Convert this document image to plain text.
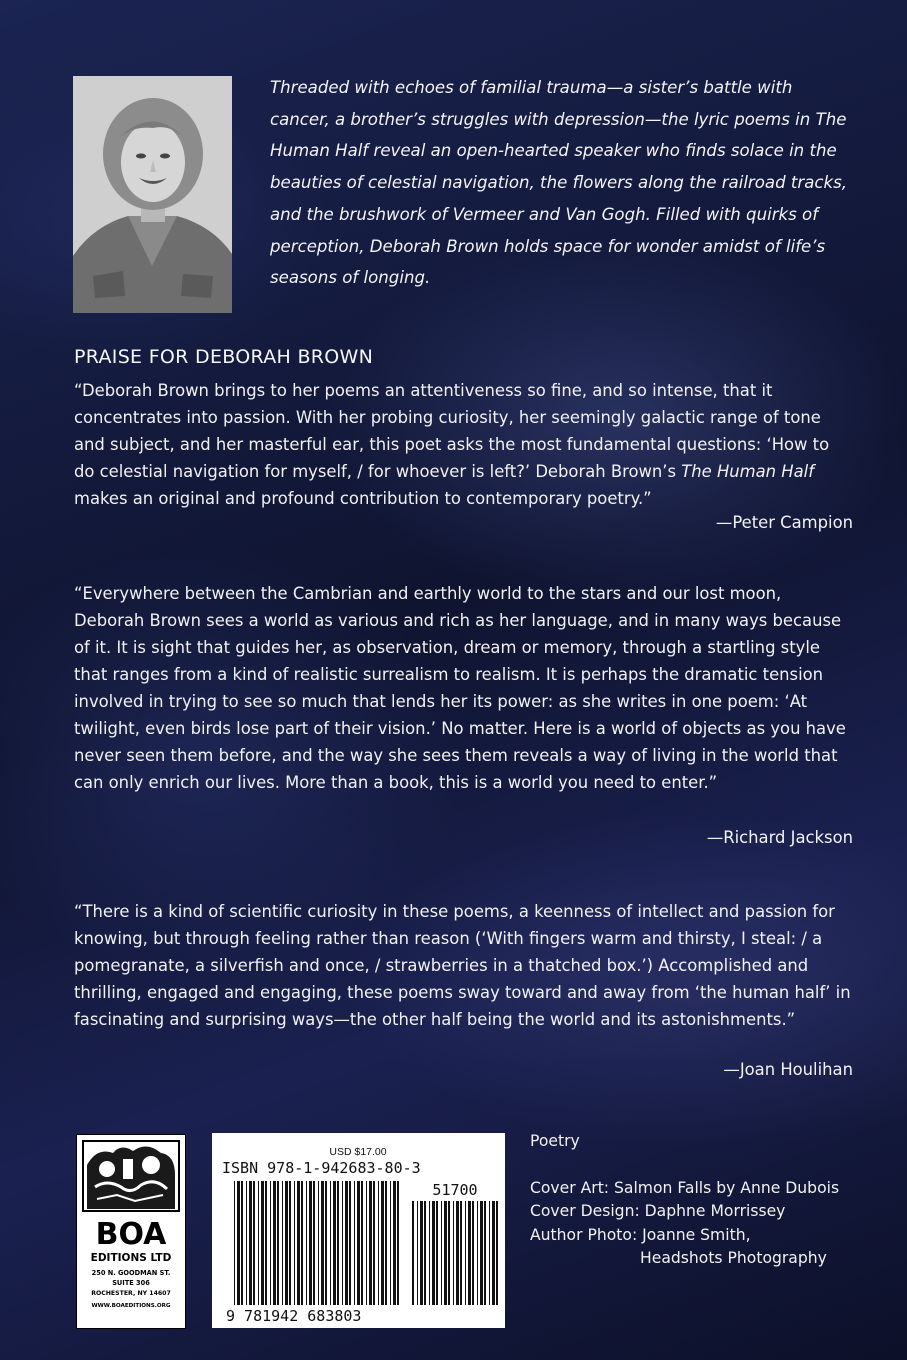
Threaded with echoes of familial trauma—a sister’s battle with cancer, a brother’s struggles with depression—the lyric poems in The Human Half reveal an open-hearted speaker who finds solace in the beauties of celestial navigation, the flowers along the railroad tracks, and the brushwork of Vermeer and Van Gogh. Filled with quirks of perception, Deborah Brown holds space for wonder amidst of life’s seasons of longing.

PRAISE FOR DEBORAH BROWN

“Deborah Brown brings to her poems an attentiveness so fine, and so intense, that it concentrates into passion. With her probing curiosity, her seemingly galactic range of tone and subject, and her masterful ear, this poet asks the most fundamental questions: ‘How to do celestial navigation for myself, / for whoever is left?’ Deborah Brown’s The Human Half makes an original and profound contribution to contemporary poetry.”

—Peter Campion

“Everywhere between the Cambrian and earthly world to the stars and our lost moon, Deborah Brown sees a world as various and rich as her language, and in many ways because of it. It is sight that guides her, as observation, dream or memory, through a startling style that ranges from a kind of realistic surrealism to realism. It is perhaps the dramatic tension involved in trying to see so much that lends her its power: as she writes in one poem: ‘At twilight, even birds lose part of their vision.’ No matter. Here is a world of objects as you have never seen them before, and the way she sees them reveals a way of living in the world that can only enrich our lives. More than a book, this is a world you need to enter.”

—Richard Jackson

“There is a kind of scientific curiosity in these poems, a keenness of intellect and passion for knowing, but through feeling rather than reason (‘With fingers warm and thirsty, I steal: / a pomegranate, a silverfish and once, / strawberries in a thatched box.’) Accomplished and thrilling, engaged and engaging, these poems sway toward and away from ‘the human half’ in fascinating and surprising ways—the other half being the world and its astonishments.”

—Joan Houlihan

BOA
EDITIONS LTD
250 N. GOODMAN ST.
SUITE 306
ROCHESTER, NY 14607
WWW.BOAEDITIONS.ORG
USD $17.00
ISBN 978-1-942683-80-3
51700
9 781942 683803

Poetry

Cover Art: Salmon Falls by Anne Dubois

Cover Design: Daphne Morrissey

Author Photo: Joanne Smith,

Headshots Photography
